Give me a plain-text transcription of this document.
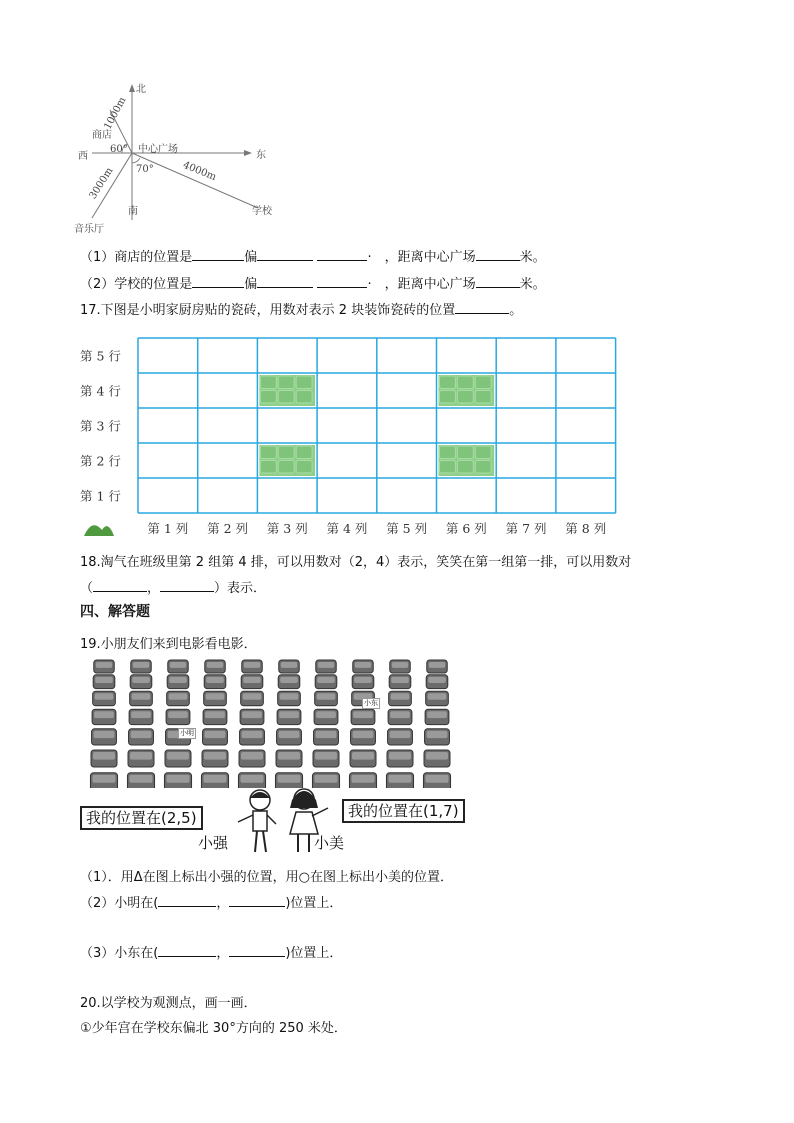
北
南
东
西
中心广场
商店
学校
音乐厅
60°
70°
1000m
4000m
3000m
（1）商店的位置是	偏	·　，距离中心广场	米。
（2）学校的位置是	偏	·　，距离中心广场	米。
17.下图是小明家厨房贴的瓷砖，用数对表示 2 块装饰瓷砖的位置	。
第 5 行
第 4 行
第 3 行
第 2 行
第 1 行
第 1 列 第 2 列 第 3 列 第 4 列 第 5 列 第 6 列 第 7 列 第 8 列
18.淘气在班级里第 2 组第 4 排，可以用数对（2，4）表示，笑笑在第一组第一排，可以用数对
（	，	）表示．
四、解答题
19.小朋友们来到电影看电影．
小明
小东
我的位置在(2,5)	我的位置在(1,7)
小强	小美
（1）．用Δ在图上标出小强的位置，用○在图上标出小美的位置．
（2）小明在(	，	)位置上．
（3）小东在(	，	)位置上．
20.以学校为观测点，画一画．
①少年宫在学校东偏北 30°方向的 250 米处．
